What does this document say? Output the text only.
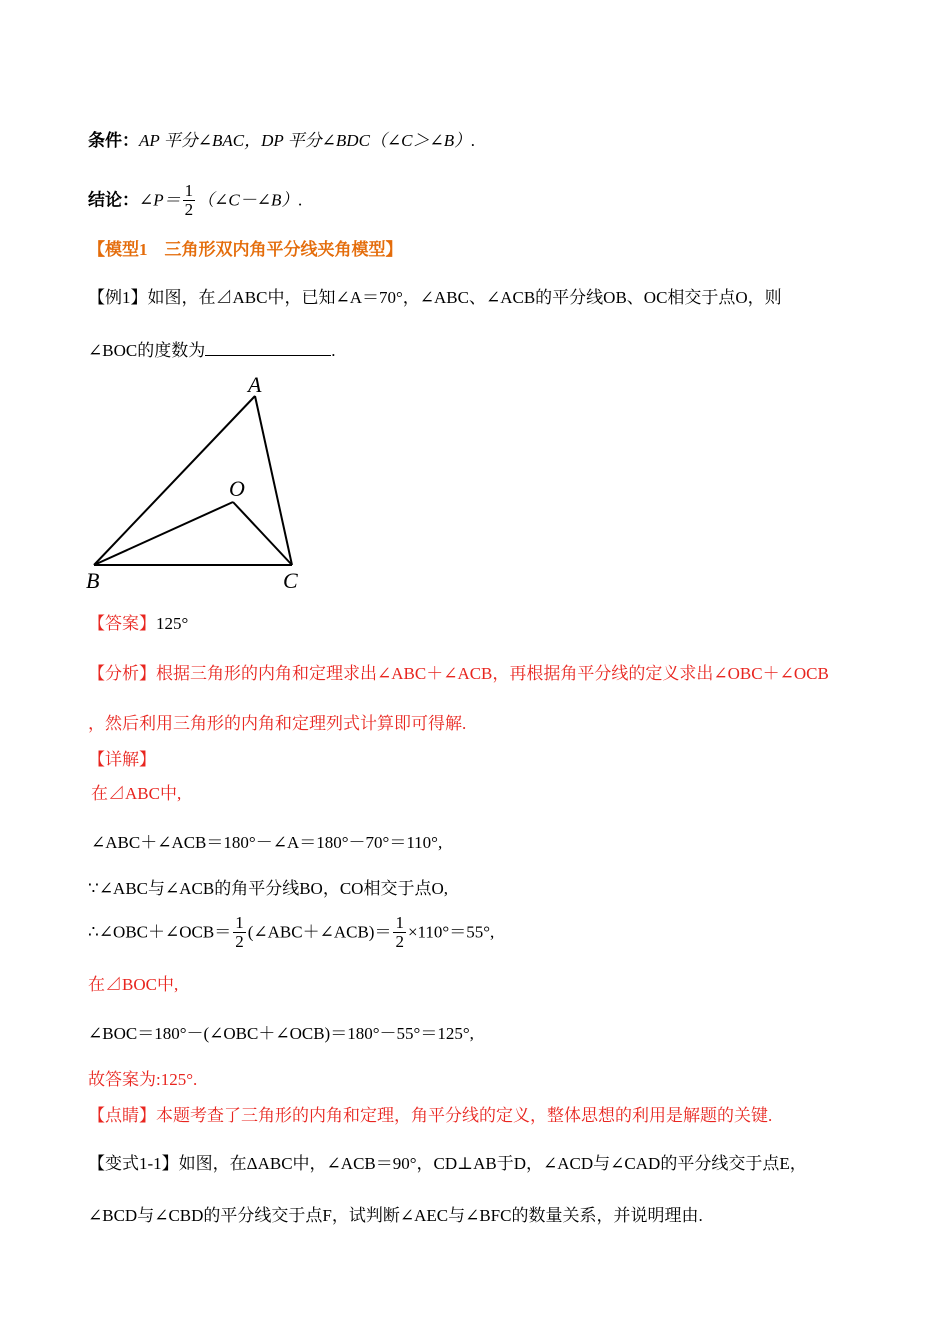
条件：AP 平分∠BAC，DP 平分∠BDC（∠C＞∠B）.
结论：∠P＝ $\frac{1}{2}$ （∠C－∠B）.
【模型1　三角形双内角平分线夹角模型】
【例1】如图，在⊿ABC中，已知∠A＝70°，∠ABC、∠ACB的平分线OB、OC相交于点O，则
∠BOC的度数为	.
A
O
B	C
【答案】125°
【分析】根据三角形的内角和定理求出∠ABC＋∠ACB，再根据角平分线的定义求出∠OBC＋∠OCB
，然后利用三角形的内角和定理列式计算即可得解.
【详解】
在⊿ABC中,
∠ABC＋∠ACB＝180°－∠A＝180°－70°＝110°,
∵∠ABC与∠ACB的角平分线BO，CO相交于点O,
∴∠OBC＋∠OCB＝ $\frac{1}{2}$ (∠ABC＋∠ACB)＝ $\frac{1}{2} \times 110^\circ=55^\circ$,
在⊿BOC中,
∠BOC＝180°－(∠OBC＋∠OCB)＝180°－55°＝125°,
故答案为:125°.
【点睛】本题考查了三角形的内角和定理，角平分线的定义，整体思想的利用是解题的关键.
【变式1-1】如图，在ΔABC中，∠ACB＝90°，CD⊥AB于D，∠ACD与∠CAD的平分线交于点E，
∠BCD与∠CBD的平分线交于点F，试判断∠AEC与∠BFC的数量关系，并说明理由.
